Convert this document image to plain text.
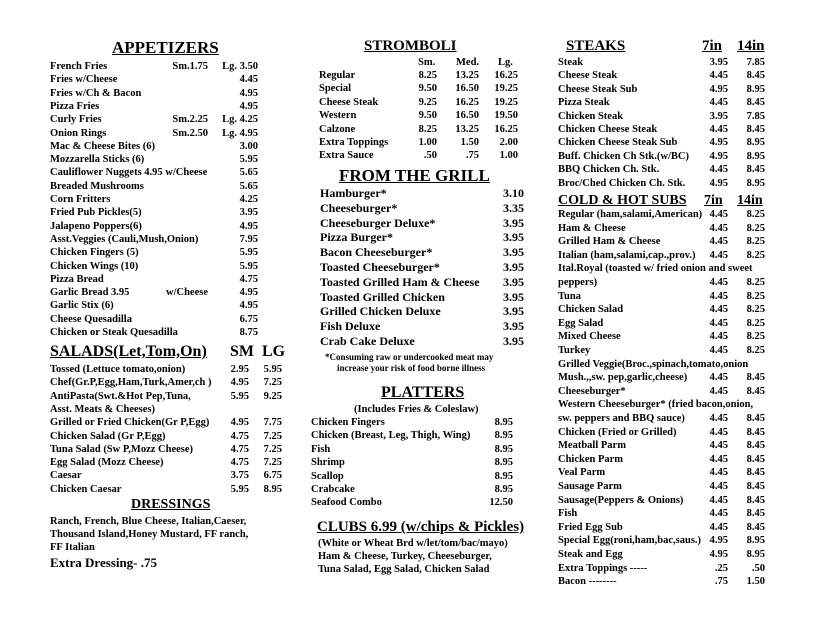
APPETIZERS
French Fries	Sm.1.75 Lg. 3.50
Fries w/Cheese	4.45
Fries w/Ch & Bacon	4.95
Pizza Fries	4.95
Curly Fries	Sm.2.25 Lg. 4.25
Onion Rings	Sm.2.50 Lg. 4.95
Mac & Cheese Bites (6)	3.00
Mozzarella Sticks (6)	5.95
Cauliflower Nuggets 4.95 w/Cheese	5.65
Breaded Mushrooms	5.65
Corn Fritters	4.25
Fried Pub Pickles(5)	3.95
Jalapeno Poppers(6)	4.95
Asst.Veggies (Cauli,Mush,Onion)	7.95
Chicken Fingers (5)	5.95
Chicken Wings (10)	5.95
Pizza Bread	4.75
Garlic Bread 3.95	w/Cheese	4.95
Garlic Stix (6)	4.95
Cheese Quesadilla	6.75
Chicken or Steak Quesadilla	8.75
SALADS(Let,Tom,On) SM LG
Tossed (Lettuce tomato,onion)	2.95 5.95
Chef(Gr.P,Egg,Ham,Turk,Amer,ch ) 4.95 7.25
AntiPasta(Swt.&Hot Pep,Tuna,	5.95 9.25
Asst. Meats & Cheeses)
Grilled or Fried Chicken(Gr P,Egg) 4.95 7.75
Chicken Salad (Gr P,Egg)	4.75 7.25
Tuna Salad (Sw P,Mozz Cheese)	4.75 7.25
Egg Salad (Mozz Cheese)	4.75 7.25
Caesar	3.75 6.75
Chicken Caesar	5.95 8.95
DRESSINGS
Ranch, French, Blue Cheese, Italian,Caeser,
Thousand Island,Honey Mustard, FF ranch,
FF Italian
Extra Dressing- .75
STROMBOLI
Sm. Med. Lg.
Regular	8.25 13.25 16.25
Special	9.50 16.50 19.25
Cheese Steak	9.25 16.25 19.25
Western	9.50 16.50 19.50
Calzone	8.25 13.25 16.25
Extra Toppings	1.00 1.50 2.00
Extra Sauce	.50	.75 1.00
FROM THE GRILL
Hamburger*	3.10
Cheeseburger*	3.35
Cheeseburger Deluxe*	3.95
Pizza Burger*	3.95
Bacon Cheeseburger*	3.95
Toasted Cheeseburger*	3.95
Toasted Grilled Ham & Cheese 3.95
Toasted Grilled Chicken	3.95
Grilled Chicken Deluxe	3.95
Fish Deluxe	3.95
Crab Cake Deluxe	3.95
*Consuming raw or undercooked meat may
increase your risk of food borne illness
PLATTERS
(Includes Fries & Coleslaw)
Chicken Fingers	8.95
Chicken (Breast, Leg, Thigh, Wing) 8.95
Fish	8.95
Shrimp	8.95
Scallop	8.95
Crabcake	8.95
Seafood Combo	12.50
CLUBS 6.99 (w/chips & Pickles)
(White or Wheat Brd w/let/tom/bac/mayo)
Ham & Cheese, Turkey, Cheeseburger,
Tuna Salad, Egg Salad, Chicken Salad
STEAKS	7in 14in
Steak	3.95 7.85
Cheese Steak	4.45 8.45
Cheese Steak Sub	4.95 8.95
Pizza Steak	4.45 8.45
Chicken Steak	3.95 7.85
Chicken Cheese Steak	4.45 8.45
Chicken Cheese Steak Sub	4.95 8.95
Buff. Chicken Ch Stk.(w/BC) 4.95 8.95
BBQ Chicken Ch. Stk.	4.45 8.45
Broc/Ched Chicken Ch. Stk. 4.95 8.95
COLD & HOT SUBS 7in 14in
Regular (ham,salami,American) 4.45 8.25
Ham & Cheese	4.45 8.25
Grilled Ham & Cheese	4.45 8.25
Italian (ham,salami,cap.,prov.) 4.45 8.25
Ital.Royal (toasted w/ fried onion and sweet
peppers)	4.45 8.25
Tuna	4.45 8.25
Chicken Salad	4.45 8.25
Egg Salad	4.45 8.25
Mixed Cheese	4.45 8.25
Turkey	4.45 8.25
Grilled Veggie(Broc.,spinach,tomato,onion
Mush.,,sw. pep,garlic,cheese) 4.45 8.45
Cheeseburger*	4.45 8.45
Western Cheeseburger* (fried bacon,onion,
sw. peppers and BBQ sauce) 4.45 8.45
Chicken (Fried or Grilled)	4.45 8.45
Meatball Parm	4.45 8.45
Chicken Parm	4.45 8.45
Veal Parm	4.45 8.45
Sausage Parm	4.45 8.45
Sausage(Peppers & Onions) 4.45 8.45
Fish	4.45 8.45
Fried Egg Sub	4.45 8.45
Special Egg(roni,ham,bac,saus.) 4.95 8.95
Steak and Egg	4.95 8.95
Extra Toppings -----	.25 .50
Bacon --------	.75 1.50
